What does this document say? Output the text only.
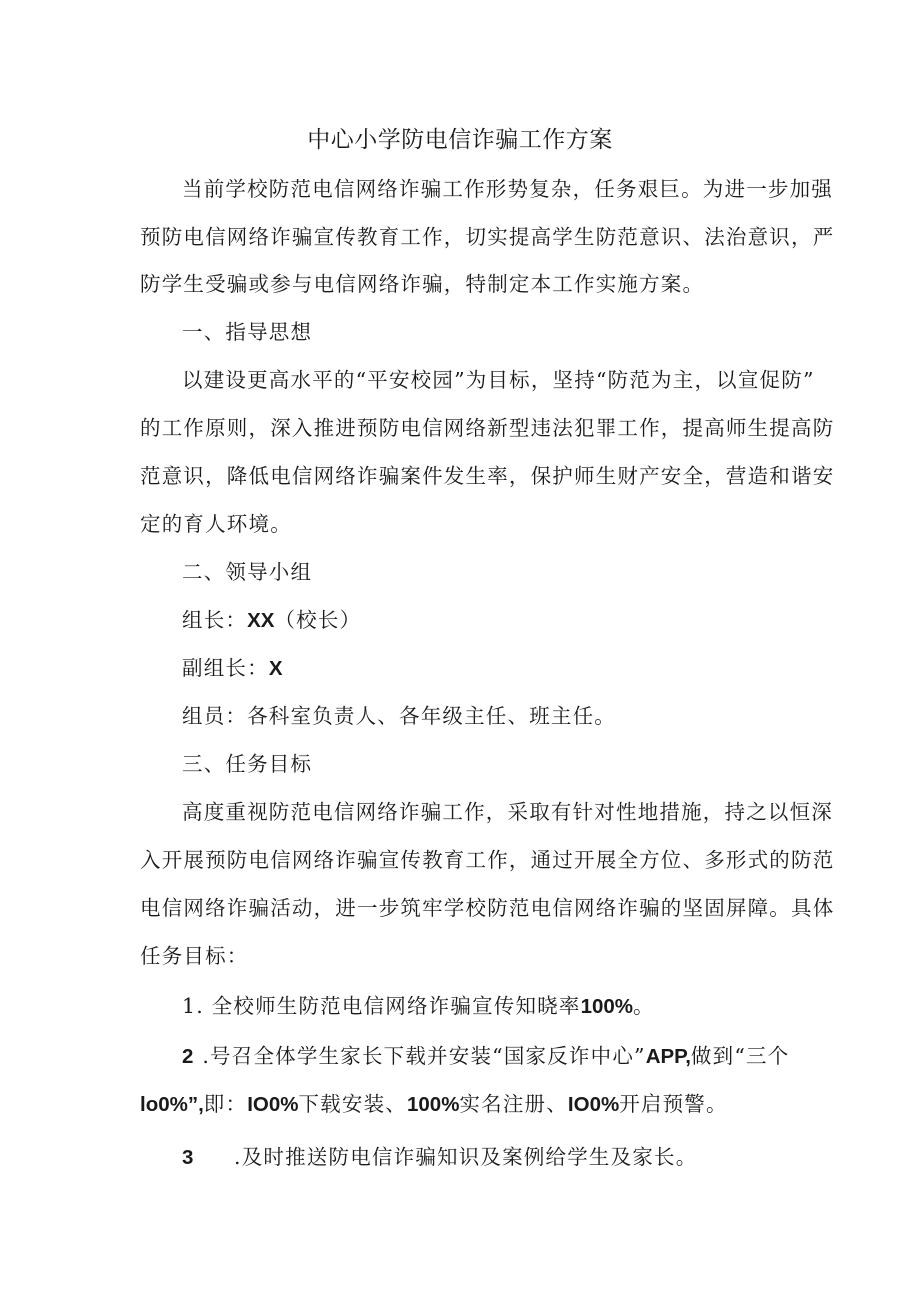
中心小学防电信诈骗工作方案
当前学校防范电信网络诈骗工作形势复杂，任务艰巨。为进一步加强
预防电信网络诈骗宣传教育工作，切实提高学生防范意识、法治意识，严
防学生受骗或参与电信网络诈骗，特制定本工作实施方案。
一、指导思想
以建设更高水平的“平安校园”为目标，坚持“防范为主，以宣促防”
的工作原则，深入推进预防电信网络新型违法犯罪工作，提高师生提高防
范意识，降低电信网络诈骗案件发生率，保护师生财产安全，营造和谐安
定的育人环境。
二、领导小组
组长：XX（校长）
副组长：X
组员：各科室负责人、各年级主任、班主任。
三、任务目标
高度重视防范电信网络诈骗工作，采取有针对性地措施，持之以恒深
入开展预防电信网络诈骗宣传教育工作，通过开展全方位、多形式的防范
电信网络诈骗活动，进一步筑牢学校防范电信网络诈骗的坚固屏障。具体
任务目标：
1. 全校师生防范电信网络诈骗宣传知晓率100%。
2 .号召全体学生家长下载并安装“国家反诈中心”APP,做到“三个
lo0%”,即：IO0%下载安装、100%实名注册、IO0%开启预警。
3 .及时推送防电信诈骗知识及案例给学生及家长。
